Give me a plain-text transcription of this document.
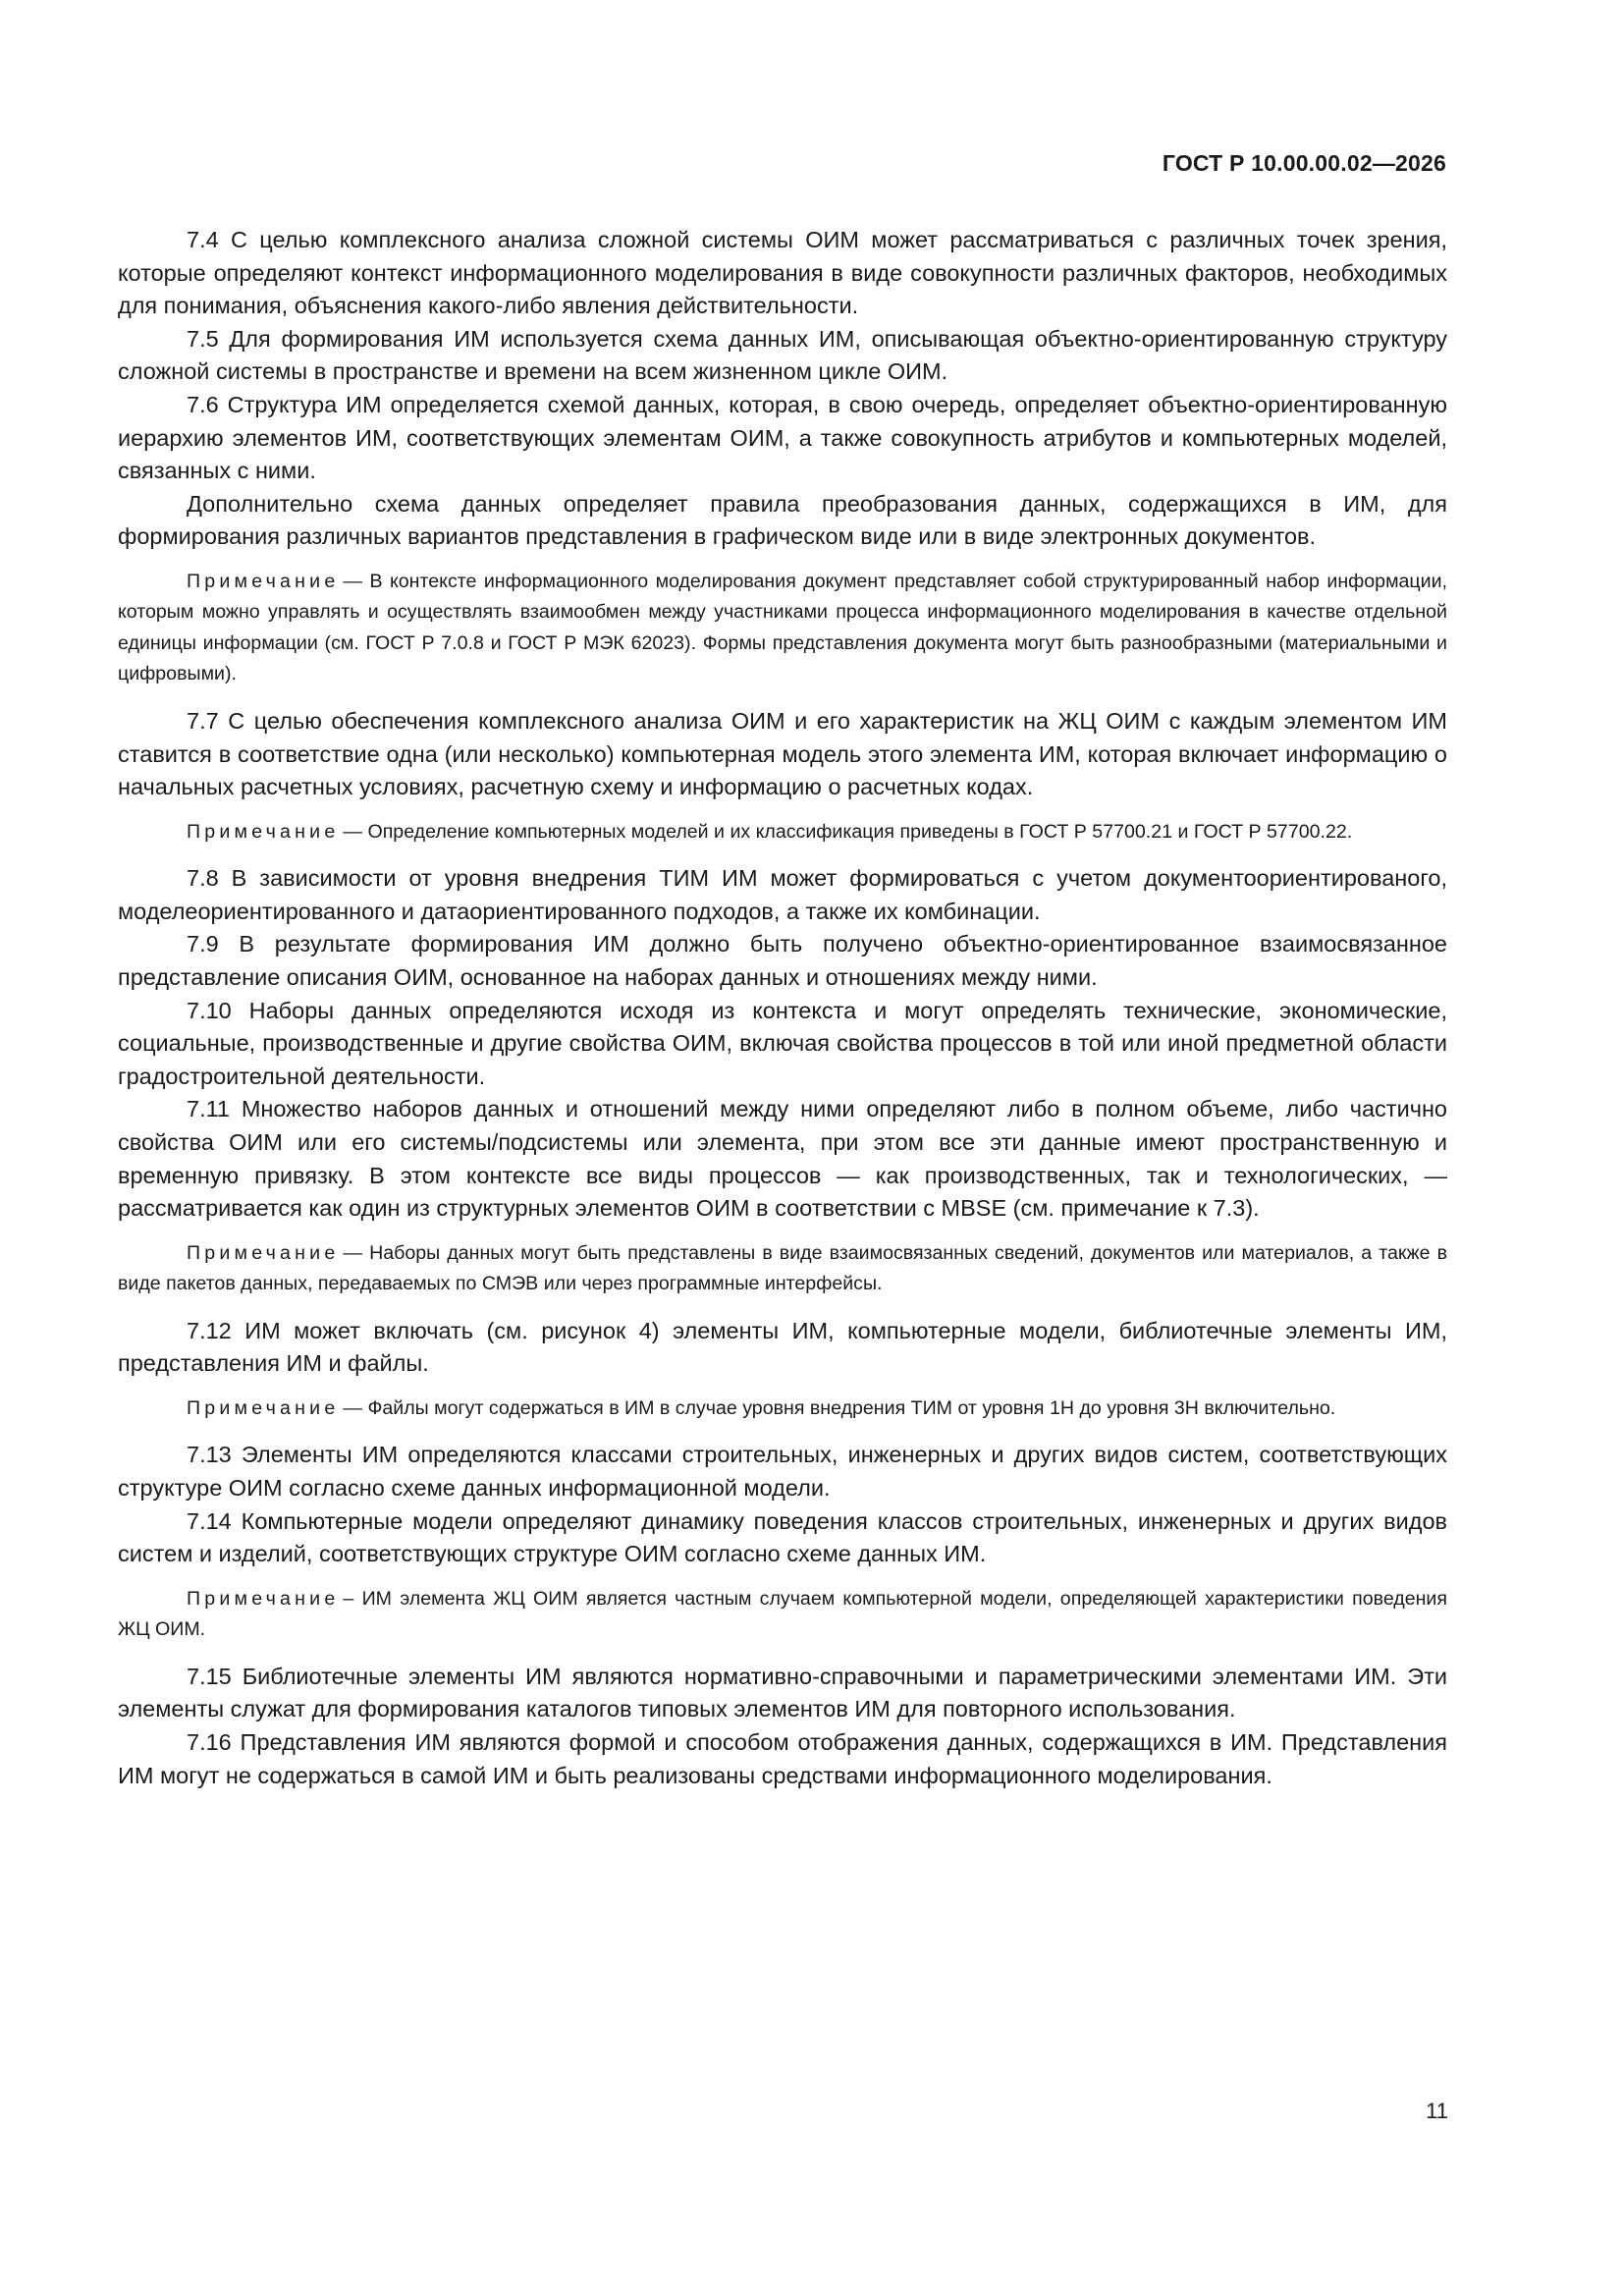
ГОСТ Р 10.00.00.02—2026

7.4 С целью комплексного анализа сложной системы ОИМ может рассматриваться с различных точек зрения, которые определяют контекст информационного моделирования в виде совокупности различных факторов, необходимых для понимания, объяснения какого-либо явления действительности.

7.5 Для формирования ИМ используется схема данных ИМ, описывающая объектно-ориентированную структуру сложной системы в пространстве и времени на всем жизненном цикле ОИМ.

7.6 Структура ИМ определяется схемой данных, которая, в свою очередь, определяет объектно-ориентированную иерархию элементов ИМ, соответствующих элементам ОИМ, а также совокупность атрибутов и компьютерных моделей, связанных с ними.

Дополнительно схема данных определяет правила преобразования данных, содержащихся в ИМ, для формирования различных вариантов представления в графическом виде или в виде электронных документов.

Примечание — В контексте информационного моделирования документ представляет собой структурированный набор информации, которым можно управлять и осуществлять взаимообмен между участниками процесса информационного моделирования в качестве отдельной единицы информации (см. ГОСТ Р 7.0.8 и ГОСТ Р МЭК 62023). Формы представления документа могут быть разнообразными (материальными и цифровыми).

7.7 С целью обеспечения комплексного анализа ОИМ и его характеристик на ЖЦ ОИМ с каждым элементом ИМ ставится в соответствие одна (или несколько) компьютерная модель этого элемента ИМ, которая включает информацию о начальных расчетных условиях, расчетную схему и информацию о расчетных кодах.

Примечание — Определение компьютерных моделей и их классификация приведены в ГОСТ Р 57700.21 и ГОСТ Р 57700.22.

7.8 В зависимости от уровня внедрения ТИМ ИМ может формироваться с учетом документоориентированого, моделеориентированного и датаориентированного подходов, а также их комбинации.

7.9 В результате формирования ИМ должно быть получено объектно-ориентированное взаимосвязанное представление описания ОИМ, основанное на наборах данных и отношениях между ними.

7.10 Наборы данных определяются исходя из контекста и могут определять технические, экономические, социальные, производственные и другие свойства ОИМ, включая свойства процессов в той или иной предметной области градостроительной деятельности.

7.11 Множество наборов данных и отношений между ними определяют либо в полном объеме, либо частично свойства ОИМ или его системы/подсистемы или элемента, при этом все эти данные имеют пространственную и временную привязку. В этом контексте все виды процессов — как производственных, так и технологических, — рассматривается как один из структурных элементов ОИМ в соответствии с MBSE (см. примечание к 7.3).

Примечание — Наборы данных могут быть представлены в виде взаимосвязанных сведений, документов или материалов, а также в виде пакетов данных, передаваемых по СМЭВ или через программные интерфейсы.

7.12 ИМ может включать (см. рисунок 4) элементы ИМ, компьютерные модели, библиотечные элементы ИМ, представления ИМ и файлы.

Примечание — Файлы могут содержаться в ИМ в случае уровня внедрения ТИМ от уровня 1Н до уровня 3Н включительно.

7.13 Элементы ИМ определяются классами строительных, инженерных и других видов систем, соответствующих структуре ОИМ согласно схеме данных информационной модели.

7.14 Компьютерные модели определяют динамику поведения классов строительных, инженерных и других видов систем и изделий, соответствующих структуре ОИМ согласно схеме данных ИМ.

Примечание – ИМ элемента ЖЦ ОИМ является частным случаем компьютерной модели, определяющей характеристики поведения ЖЦ ОИМ.

7.15 Библиотечные элементы ИМ являются нормативно-справочными и параметрическими элементами ИМ. Эти элементы служат для формирования каталогов типовых элементов ИМ для повторного использования.

7.16 Представления ИМ являются формой и способом отображения данных, содержащихся в ИМ. Представления ИМ могут не содержаться в самой ИМ и быть реализованы средствами информационного моделирования.

11
